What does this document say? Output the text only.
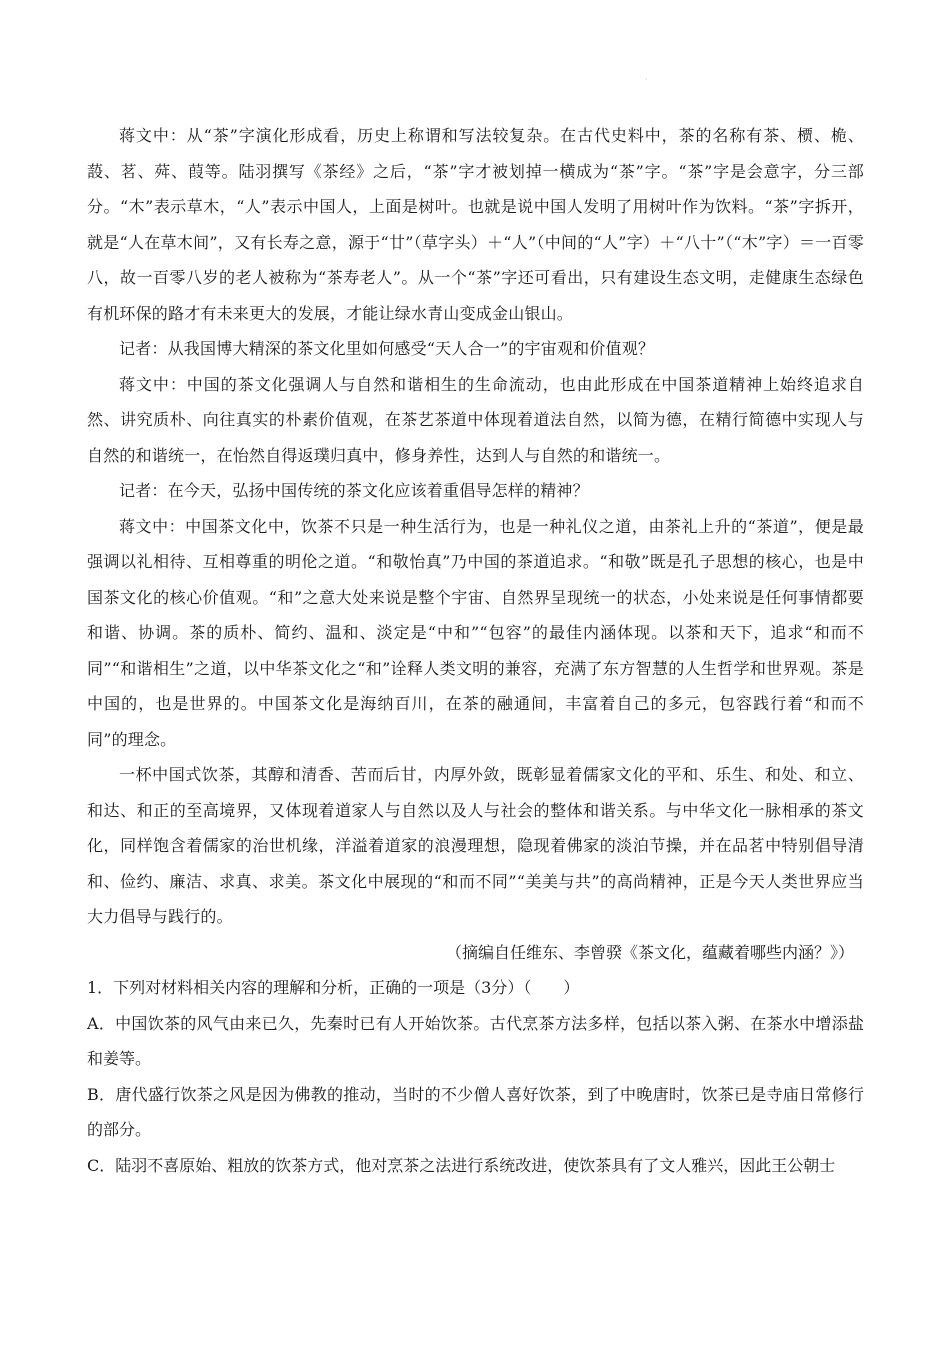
·

蒋文中：从“茶”字演化形成看，历史上称谓和写法较复杂。在古代史料中，茶的名称有茶、槚、桅、蔎、茗、荈、葭等。陆羽撰写《茶经》之后，“茶”字才被划掉一横成为“茶”字。“茶”字是会意字，分三部分。“木”表示草木，“人”表示中国人，上面是树叶。也就是说中国人发明了用树叶作为饮料。“茶”字拆开，就是“人在草木间”，又有长寿之意，源于“廿”（草字头）＋“人”（中间的“人”字）＋“八十”（“木”字）＝一百零八，故一百零八岁的老人被称为“茶寿老人”。从一个“茶”字还可看出，只有建设生态文明，走健康生态绿色有机环保的路才有未来更大的发展，才能让绿水青山变成金山银山。

记者：从我国博大精深的茶文化里如何感受“天人合一”的宇宙观和价值观？

蒋文中：中国的茶文化强调人与自然和谐相生的生命流动，也由此形成在中国茶道精神上始终追求自然、讲究质朴、向往真实的朴素价值观，在茶艺茶道中体现着道法自然，以简为德，在精行简德中实现人与自然的和谐统一，在怡然自得返璞归真中，修身养性，达到人与自然的和谐统一。

记者：在今天，弘扬中国传统的茶文化应该着重倡导怎样的精神？

蒋文中：中国茶文化中，饮茶不只是一种生活行为，也是一种礼仪之道，由茶礼上升的“茶道”，便是最强调以礼相待、互相尊重的明伦之道。“和敬怡真”乃中国的茶道追求。“和敬”既是孔子思想的核心，也是中国茶文化的核心价值观。“和”之意大处来说是整个宇宙、自然界呈现统一的状态，小处来说是任何事情都要和谐、协调。茶的质朴、简约、温和、淡定是“中和”“包容”的最佳内涵体现。以茶和天下，追求“和而不同”“和谐相生”之道，以中华茶文化之“和”诠释人类文明的兼容，充满了东方智慧的人生哲学和世界观。茶是中国的，也是世界的。中国茶文化是海纳百川，在茶的融通间，丰富着自己的多元，包容践行着“和而不同”的理念。

一杯中国式饮茶，其醇和清香、苦而后甘，内厚外敛，既彰显着儒家文化的平和、乐生、和处、和立、和达、和正的至高境界，又体现着道家人与自然以及人与社会的整体和谐关系。与中华文化一脉相承的茶文化，同样饱含着儒家的治世机缘，洋溢着道家的浪漫理想，隐现着佛家的淡泊节操，并在品茗中特别倡导清和、俭约、廉洁、求真、求美。茶文化中展现的“和而不同”“美美与共”的高尚精神，正是今天人类世界应当大力倡导与践行的。

（摘编自任维东、李曾骙《茶文化，蕴藏着哪些内涵？》）

1．下列对材料相关内容的理解和分析，正确的一项是（3分）（　　）

A．中国饮茶的风气由来已久，先秦时已有人开始饮茶。古代烹茶方法多样，包括以茶入粥、在茶水中增添盐和姜等。

B．唐代盛行饮茶之风是因为佛教的推动，当时的不少僧人喜好饮茶，到了中晚唐时，饮茶已是寺庙日常修行的部分。

C．陆羽不喜原始、粗放的饮茶方式，他对烹茶之法进行系统改进，使饮茶具有了文人雅兴，因此王公朝士
